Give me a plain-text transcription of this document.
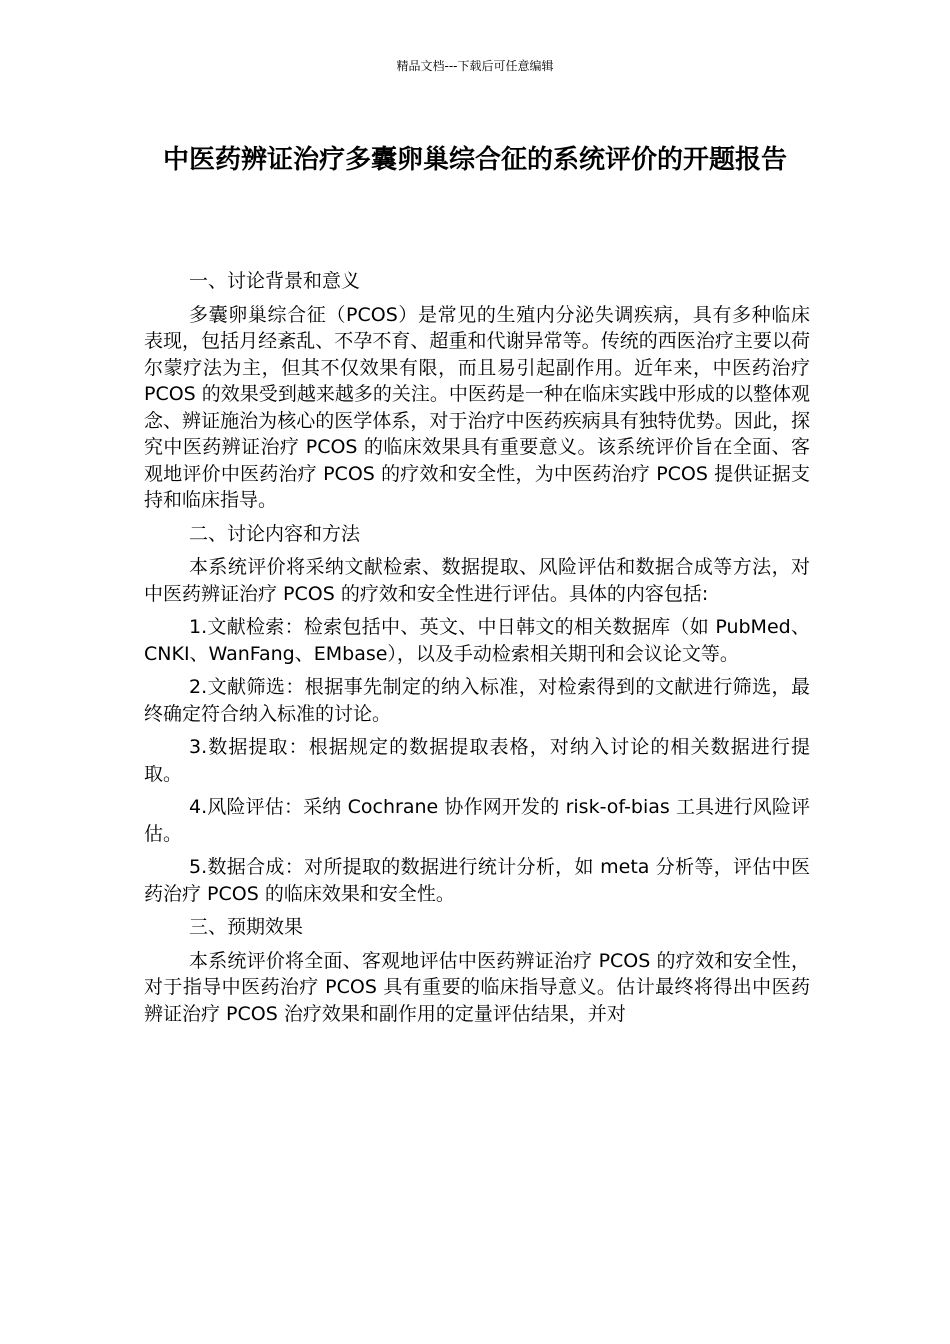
精品文档---下载后可任意编辑
中医药辨证治疗多囊卵巢综合征的系统评价的开题报告

一、讨论背景和意义

多囊卵巢综合征（PCOS）是常见的生殖内分泌失调疾病，具有多种临床表现，包括月经紊乱、不孕不育、超重和代谢异常等。传统的西医治疗主要以荷尔蒙疗法为主，但其不仅效果有限，而且易引起副作用。近年来，中医药治疗 PCOS 的效果受到越来越多的关注。中医药是一种在临床实践中形成的以整体观念、辨证施治为核心的医学体系，对于治疗中医药疾病具有独特优势。因此，探究中医药辨证治疗 PCOS 的临床效果具有重要意义。该系统评价旨在全面、客观地评价中医药治疗 PCOS 的疗效和安全性，为中医药治疗 PCOS 提供证据支持和临床指导。

二、讨论内容和方法

本系统评价将采纳文献检索、数据提取、风险评估和数据合成等方法，对中医药辨证治疗 PCOS 的疗效和安全性进行评估。具体的内容包括:

1.文献检索：检索包括中、英文、中日韩文的相关数据库（如 PubMed、CNKI、WanFang、EMbase），以及手动检索相关期刊和会议论文等。

2.文献筛选：根据事先制定的纳入标准，对检索得到的文献进行筛选，最终确定符合纳入标准的讨论。

3.数据提取：根据规定的数据提取表格，对纳入讨论的相关数据进行提取。

4.风险评估：采纳 Cochrane 协作网开发的 risk-of-bias 工具进行风险评估。

5.数据合成：对所提取的数据进行统计分析，如 meta 分析等，评估中医药治疗 PCOS 的临床效果和安全性。

三、预期效果

本系统评价将全面、客观地评估中医药辨证治疗 PCOS 的疗效和安全性，对于指导中医药治疗 PCOS 具有重要的临床指导意义。估计最终将得出中医药辨证治疗 PCOS 治疗效果和副作用的定量评估结果，并对
